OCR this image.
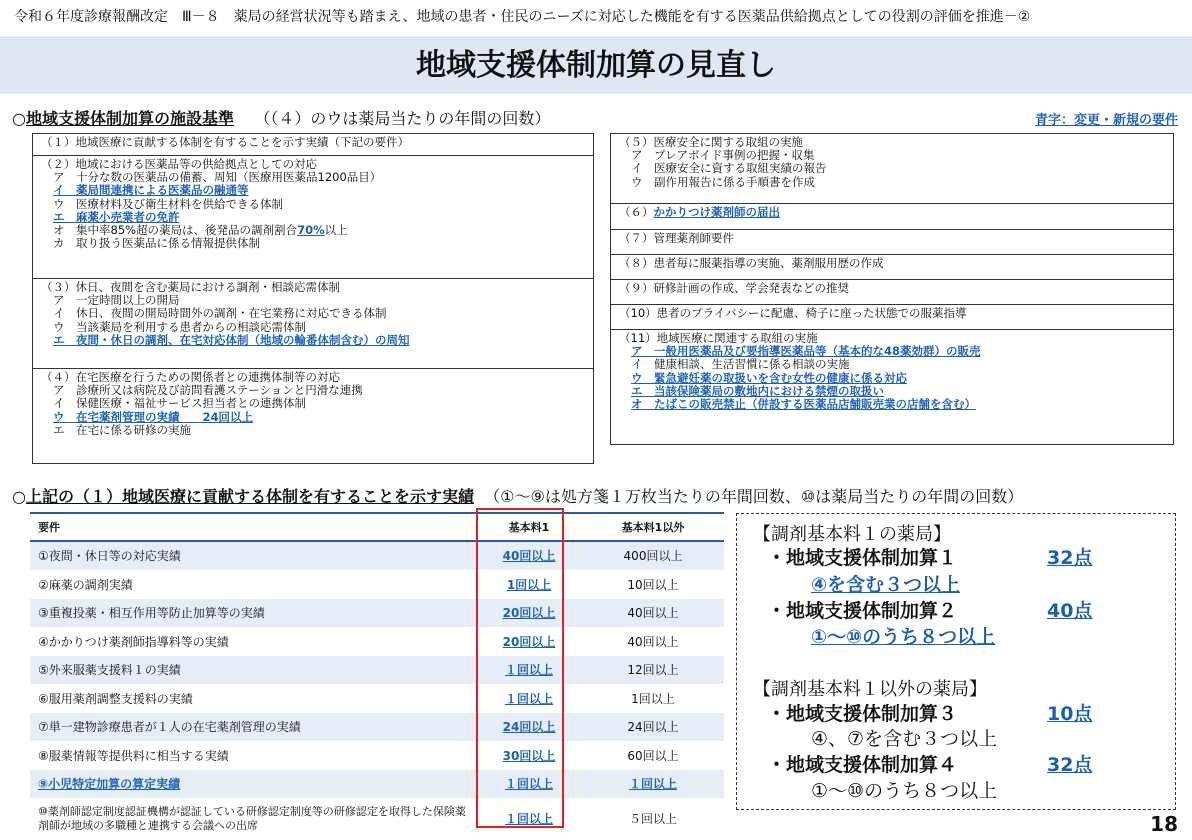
令和６年度診療報酬改定　Ⅲ－８　薬局の経営状況等も踏まえ、地域の患者・住民のニーズに対応した機能を有する医薬品供給拠点としての役割の評価を推進－②
地域支援体制加算の見直し
○地域支援体制加算の施設基準 （（４）のウは薬局当たりの年間の回数）	青字：変更・新規の要件
（１）地域医療に貢献する体制を有することを示す実績（下記の要件）
（２）地域における医薬品等の供給拠点としての対応
ア　十分な数の医薬品の備蓄、周知（医療用医薬品1200品目）
イ　薬局間連携による医薬品の融通等
ウ　医療材料及び衛生材料を供給できる体制
エ　麻薬小売業者の免許
オ　集中率85%超の薬局は、後発品の調剤割合70%以上
カ　取り扱う医薬品に係る情報提供体制
（３）休日、夜間を含む薬局における調剤・相談応需体制
ア　一定時間以上の開局
イ　休日、夜間の開局時間外の調剤・在宅業務に対応できる体制
ウ　当該薬局を利用する患者からの相談応需体制
エ　夜間・休日の調剤、在宅対応体制（地域の輪番体制含む）の周知
（４）在宅医療を行うための関係者との連携体制等の対応
ア　診療所又は病院及び訪問看護ステーションと円滑な連携
イ　保健医療・福祉サービス担当者との連携体制
ウ　在宅薬剤管理の実績　　24回以上
エ　在宅に係る研修の実施
（５）医療安全に関する取組の実施
ア　プレアボイド事例の把握・収集
イ　医療安全に資する取組実績の報告
ウ　副作用報告に係る手順書を作成
（６）かかりつけ薬剤師の届出
（７）管理薬剤師要件
（８）患者毎に服薬指導の実施、薬剤服用歴の作成
（９）研修計画の作成、学会発表などの推奨
（10）患者のプライバシーに配慮、椅子に座った状態での服薬指導
（11）地域医療に関連する取組の実施
ア　一般用医薬品及び要指導医薬品等（基本的な48薬効群）の販売
イ　健康相談、生活習慣に係る相談の実施
ウ　緊急避妊薬の取扱いを含む女性の健康に係る対応
エ　当該保険薬局の敷地内における禁煙の取扱い
オ　たばこの販売禁止（併設する医薬品店舗販売業の店舗を含む）
○上記の（１）地域医療に貢献する体制を有することを示す実績 （①～⑨は処方箋１万枚当たりの年間回数、⑩は薬局当たりの年間の回数）
要件	基本料1	基本料1以外
①夜間・休日等の対応実績	40回以上	400回以上
②麻薬の調剤実績	1回以上	10回以上
③重複投薬・相互作用等防止加算等の実績	20回以上	40回以上
④かかりつけ薬剤師指導料等の実績	20回以上	40回以上
⑤外来服薬支援料１の実績	１回以上	12回以上
⑥服用薬剤調整支援料の実績	１回以上	1回以上
⑦単一建物診療患者が１人の在宅薬剤管理の実績	24回以上	24回以上
⑧服薬情報等提供料に相当する実績	30回以上	60回以上
⑨小児特定加算の算定実績	１回以上	１回以上
⑩薬剤師認定制度認証機構が認証している研修認定制度等の研修認定を取得した保険薬剤師が地域の多職種と連携する会議への出席	１回以上	５回以上
【調剤基本料１の薬局】
・地域支援体制加算１	32点
④を含む３つ以上
・地域支援体制加算２	40点
①～⑩のうち８つ以上
【調剤基本料１以外の薬局】
・地域支援体制加算３	10点
④、⑦を含む３つ以上
・地域支援体制加算４	32点
①～⑩のうち８つ以上
18
